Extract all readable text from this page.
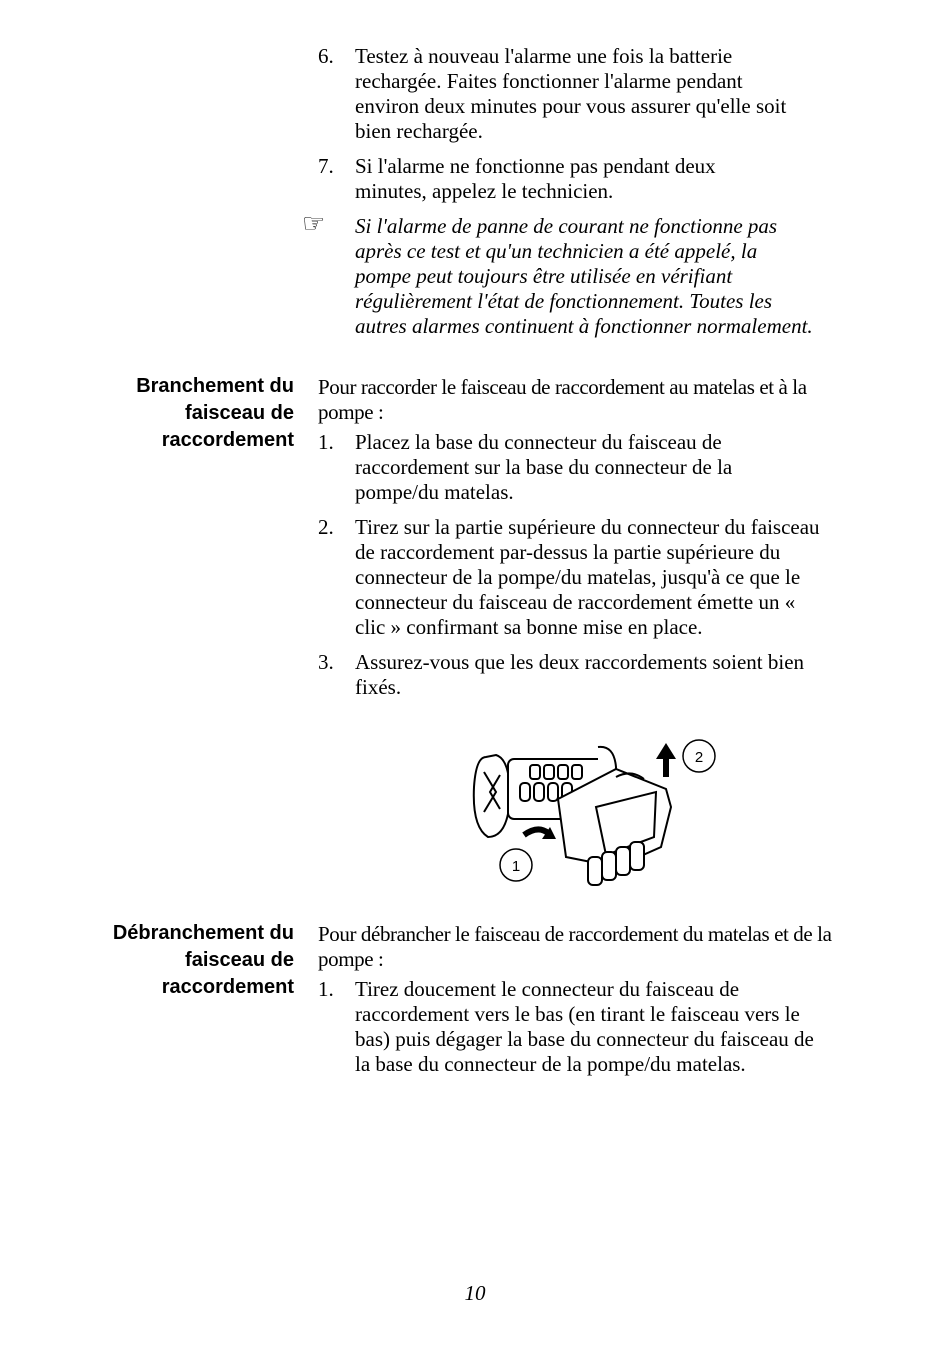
6. Testez à nouveau l'alarme une fois la batterie rechargée. Faites fonctionner l'alarme pendant environ deux minutes pour vous assurer qu'elle soit bien rechargée.

7. Si l'alarme ne fonctionne pas pendant deux minutes, appelez le technicien.

☞ Si l'alarme de panne de courant ne fonctionne pas après ce test et qu'un technicien a été appelé, la pompe peut toujours être utilisée en vérifiant régulièrement l'état de fonctionnement. Toutes les autres alarmes continuent à fonctionner normalement.

Branchement du
faisceau de
raccordement

Pour raccorder le faisceau de raccordement au matelas et à la pompe :

1. Placez la base du connecteur du faisceau de raccordement sur la base du connecteur de la pompe/du matelas.

2. Tirez sur la partie supérieure du connecteur du faisceau de raccordement par-dessus la partie supérieure du connecteur de la pompe/du matelas, jusqu'à ce que le connecteur du faisceau de raccordement émette un « clic » confirmant sa bonne mise en place.

3. Assurez-vous que les deux raccordements soient bien fixés.

1
2
Débranchement du
faisceau de
raccordement

Pour débrancher le faisceau de raccordement du matelas et de la pompe :

1. Tirez doucement le connecteur du faisceau de raccordement vers le bas (en tirant le faisceau vers le bas) puis dégager la base du connecteur du faisceau de la base du connecteur de la pompe/du matelas.

10
